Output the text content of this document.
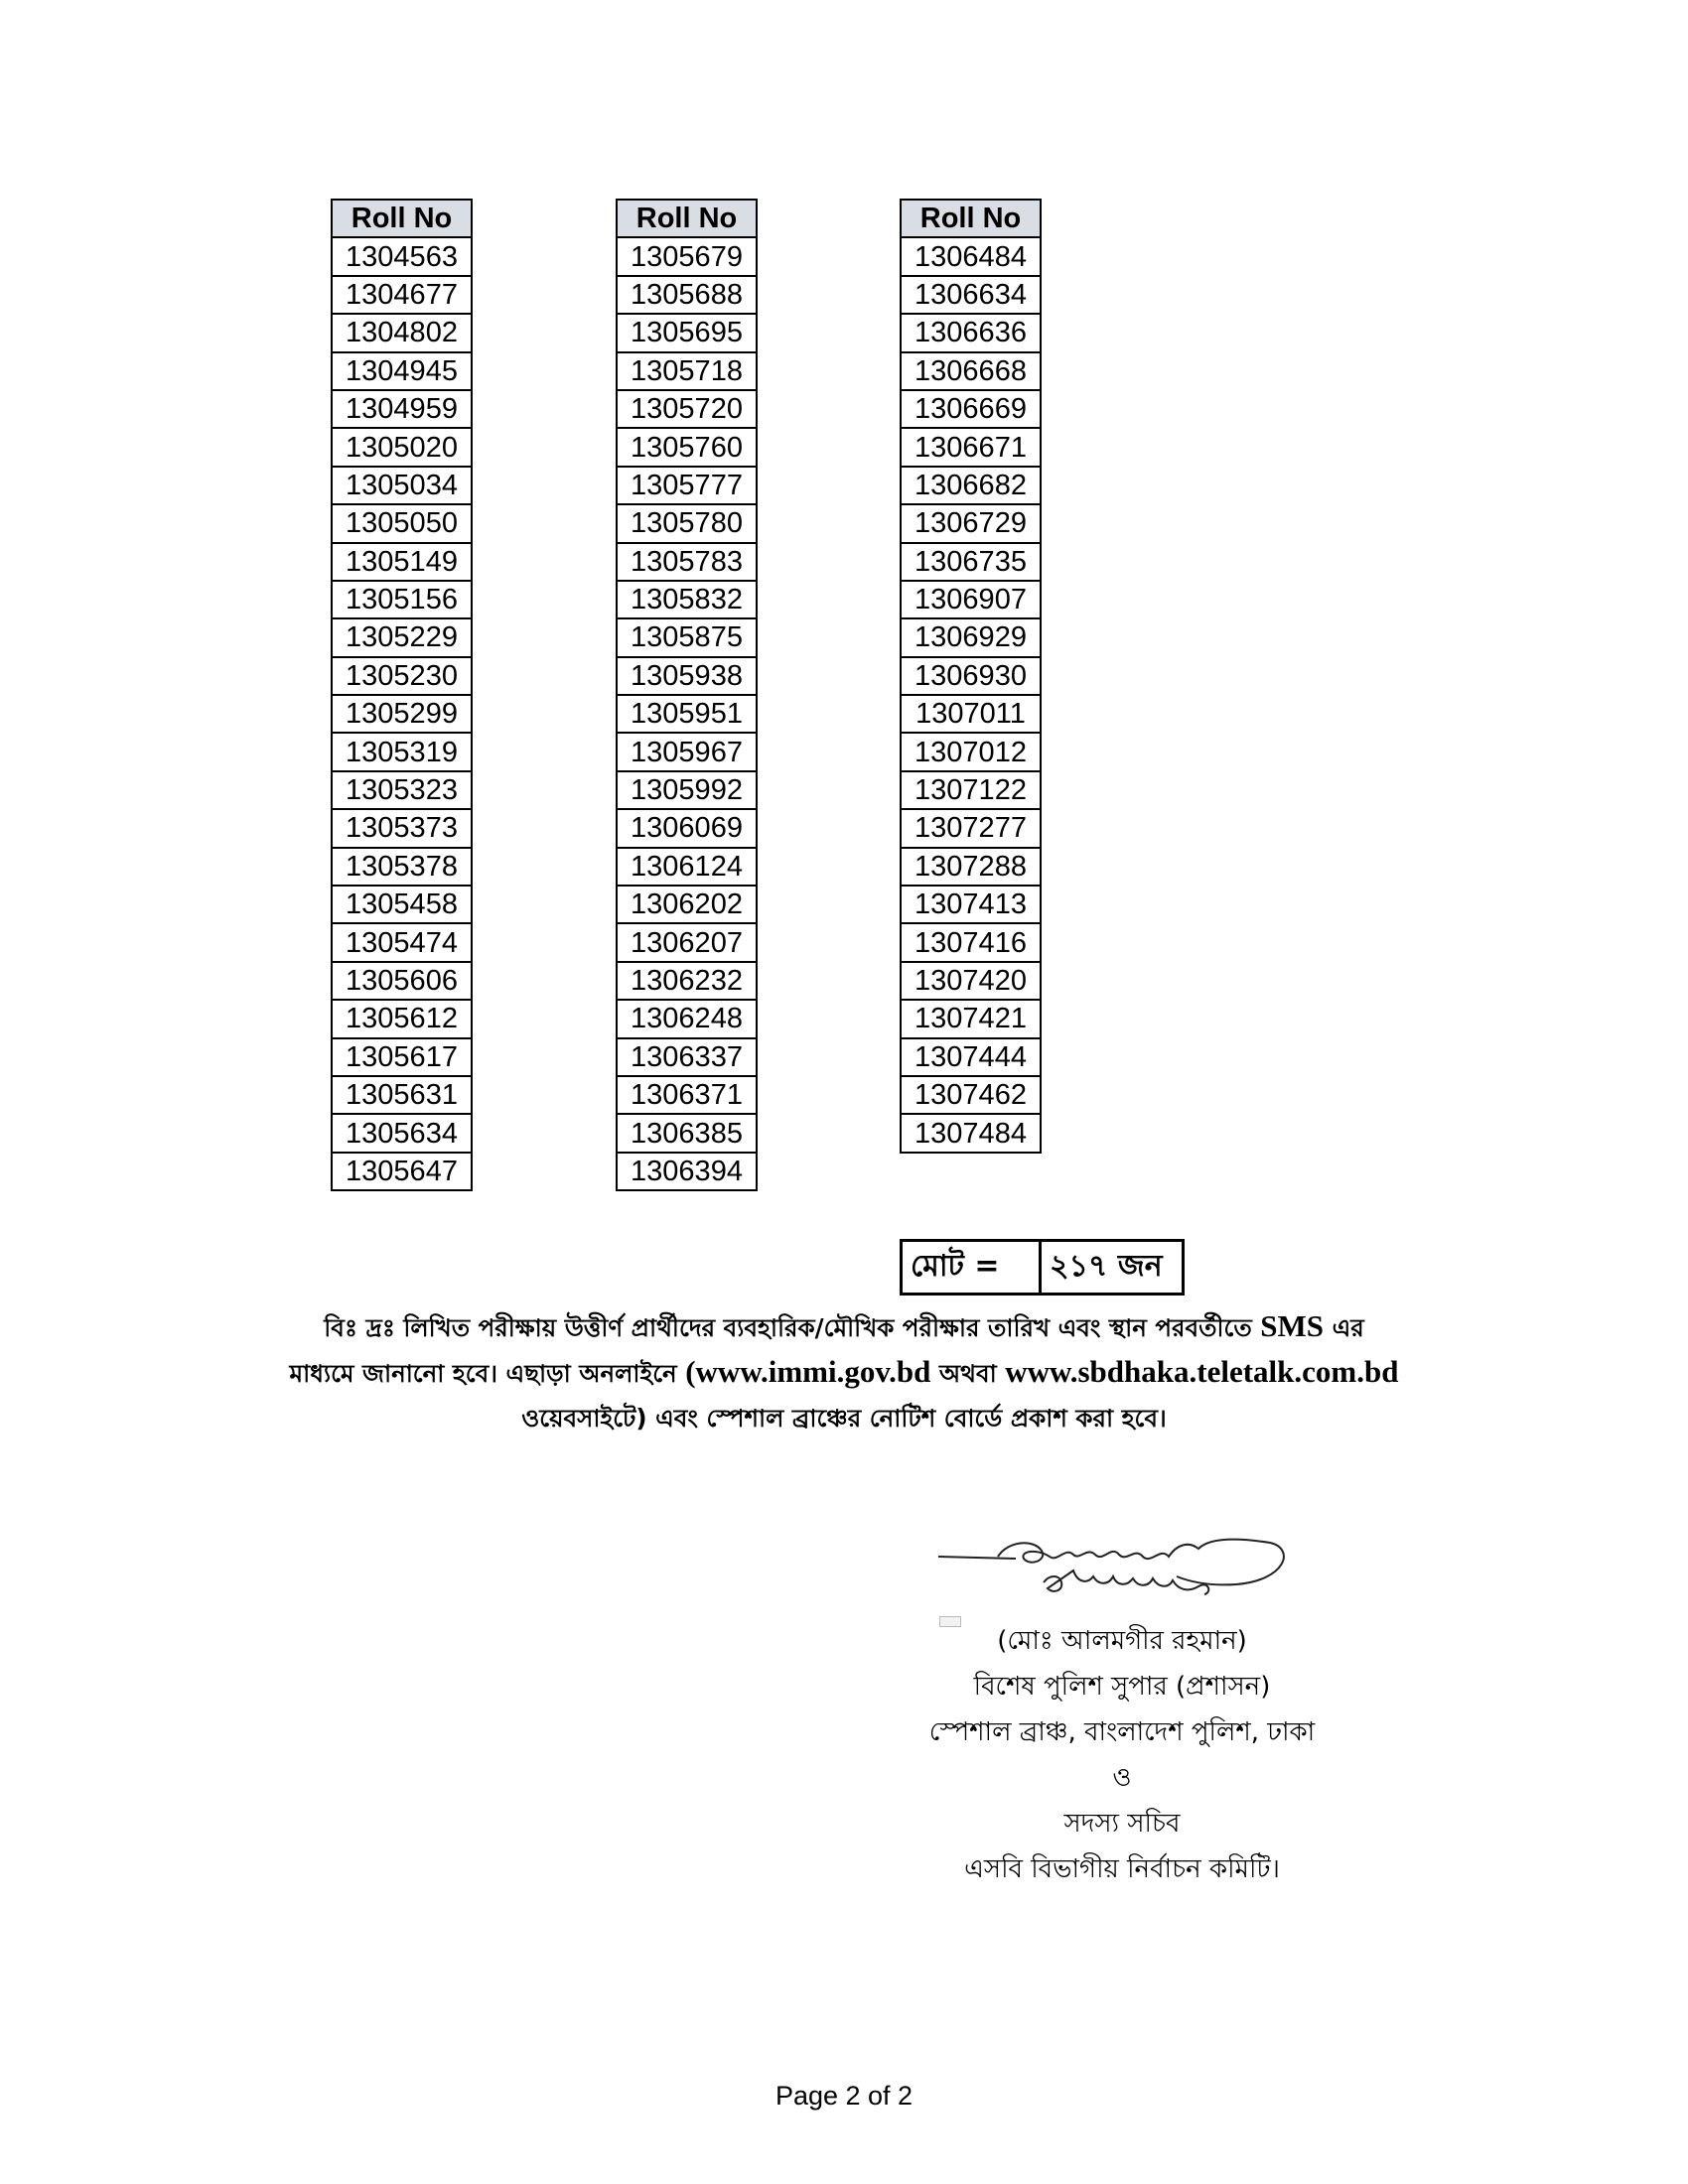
Roll No
1304563
1304677
1304802
1304945
1304959
1305020
1305034
1305050
1305149
1305156
1305229
1305230
1305299
1305319
1305323
1305373
1305378
1305458
1305474
1305606
1305612
1305617
1305631
1305634
1305647
Roll No
1305679
1305688
1305695
1305718
1305720
1305760
1305777
1305780
1305783
1305832
1305875
1305938
1305951
1305967
1305992
1306069
1306124
1306202
1306207
1306232
1306248
1306337
1306371
1306385
1306394
Roll No
1306484
1306634
1306636
1306668
1306669
1306671
1306682
1306729
1306735
1306907
1306929
1306930
1307011
1307012
1307122
1307277
1307288
1307413
1307416
1307420
1307421
1307444
1307462
1307484
মোট =	২১৭ জন
বিঃ দ্রঃ লিখিত পরীক্ষায় উত্তীর্ণ প্রার্থীদের ব্যবহারিক/মৌখিক পরীক্ষার তারিখ এবং স্থান পরবর্তীতে SMS এর
মাধ্যমে জানানো হবে। এছাড়া অনলাইনে (www.immi.gov.bd অথবা www.sbdhaka.teletalk.com.bd
ওয়েবসাইটে) এবং স্পেশাল ব্রাঞ্চের নোটিশ বোর্ডে প্রকাশ করা হবে।
(মোঃ আলমগীর রহমান)
বিশেষ পুলিশ সুপার (প্রশাসন)
স্পেশাল ব্রাঞ্চ, বাংলাদেশ পুলিশ, ঢাকা
ও
সদস্য সচিব
এসবি বিভাগীয় নির্বাচন কমিটি।
Page 2 of 2
